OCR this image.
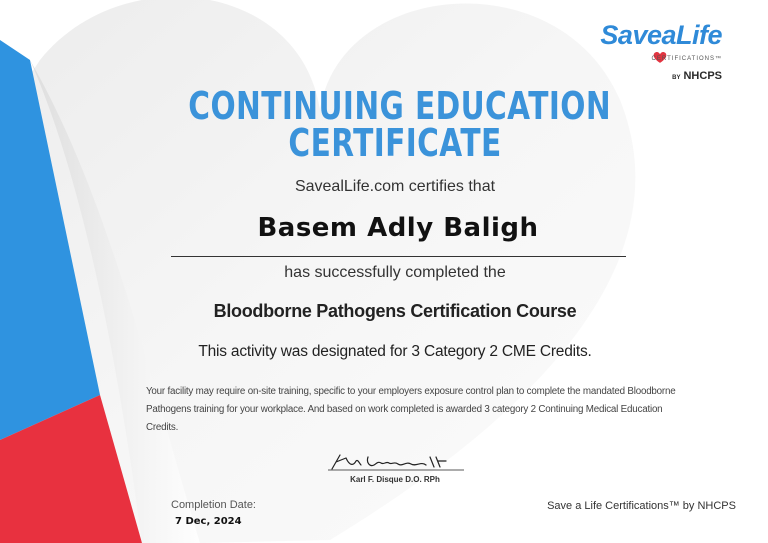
SaveaLife
CERTIFICATIONS™
BY NHCPS
CONTINUING EDUCATION
CERTIFICATE
SavealLife.com certifies that
Basem Adly Baligh
has successfully completed the
Bloodborne Pathogens Certification Course
This activity was designated for 3 Category 2 CME Credits.
Your facility may require on-site training, specific to your employers exposure control plan to complete the mandated Bloodborne Pathogens training for your workplace. And based on work completed is awarded 3 category 2 Continuing Medical Education Credits.
Karl F. Disque D.O. RPh
Completion Date:
7 Dec, 2024
Save a Life Certifications™ by NHCPS
